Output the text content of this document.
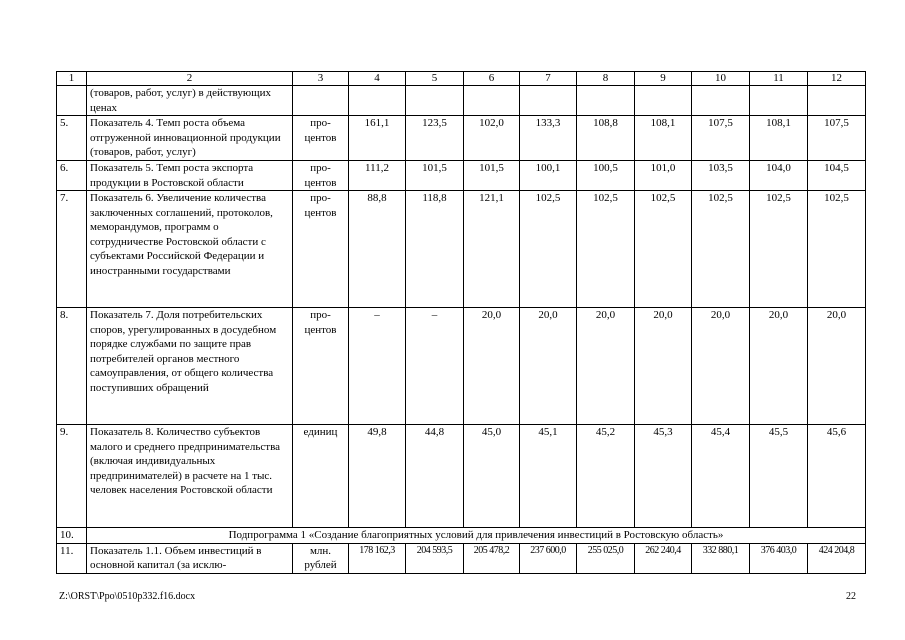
1	2	3	4	5	6	7	8	9	10	11	12
	(товаров, работ, услуг) в действующих ценах										
5.	Показатель 4. Темп роста объема отгруженной инновационной продукции (товаров, работ, услуг)	про-центов	161,1	123,5	102,0	133,3	108,8	108,1	107,5	108,1	107,5
6.	Показатель 5. Темп роста экспорта продукции в Ростовской области	про-центов	111,2	101,5	101,5	100,1	100,5	101,0	103,5	104,0	104,5
7.	Показатель 6. Увеличение количества заключенных соглашений, протоколов, меморандумов, программ о сотрудничестве Ростовской области с субъектами Российской Федерации и иностранными государствами	про-центов	88,8	118,8	121,1	102,5	102,5	102,5	102,5	102,5	102,5
8.	Показатель 7. Доля потребительских споров, урегулированных в досудебном порядке службами по защите прав потребителей органов местного самоуправления, от общего количества поступивших обращений	про-центов	–	–	20,0	20,0	20,0	20,0	20,0	20,0	20,0
9.	Показатель 8. Количество субъектов малого и среднего предпринимательства (включая индивидуальных предпринимателей) в расчете на 1 тыс. человек населения Ростовской области	единиц	49,8	44,8	45,0	45,1	45,2	45,3	45,4	45,5	45,6
10.	Подпрограмма 1 «Создание благоприятных условий для привлечения инвестиций в Ростовскую область»										
11.	Показатель 1.1. Объем инвестиций в основной капитал (за исклю-	млн. рублей	178 162,3	204 593,5	205 478,2	237 600,0	255 025,0	262 240,4	332 880,1	376 403,0	424 204,8
Z:\ORST\Ppo\0510p332.f16.docx	22
